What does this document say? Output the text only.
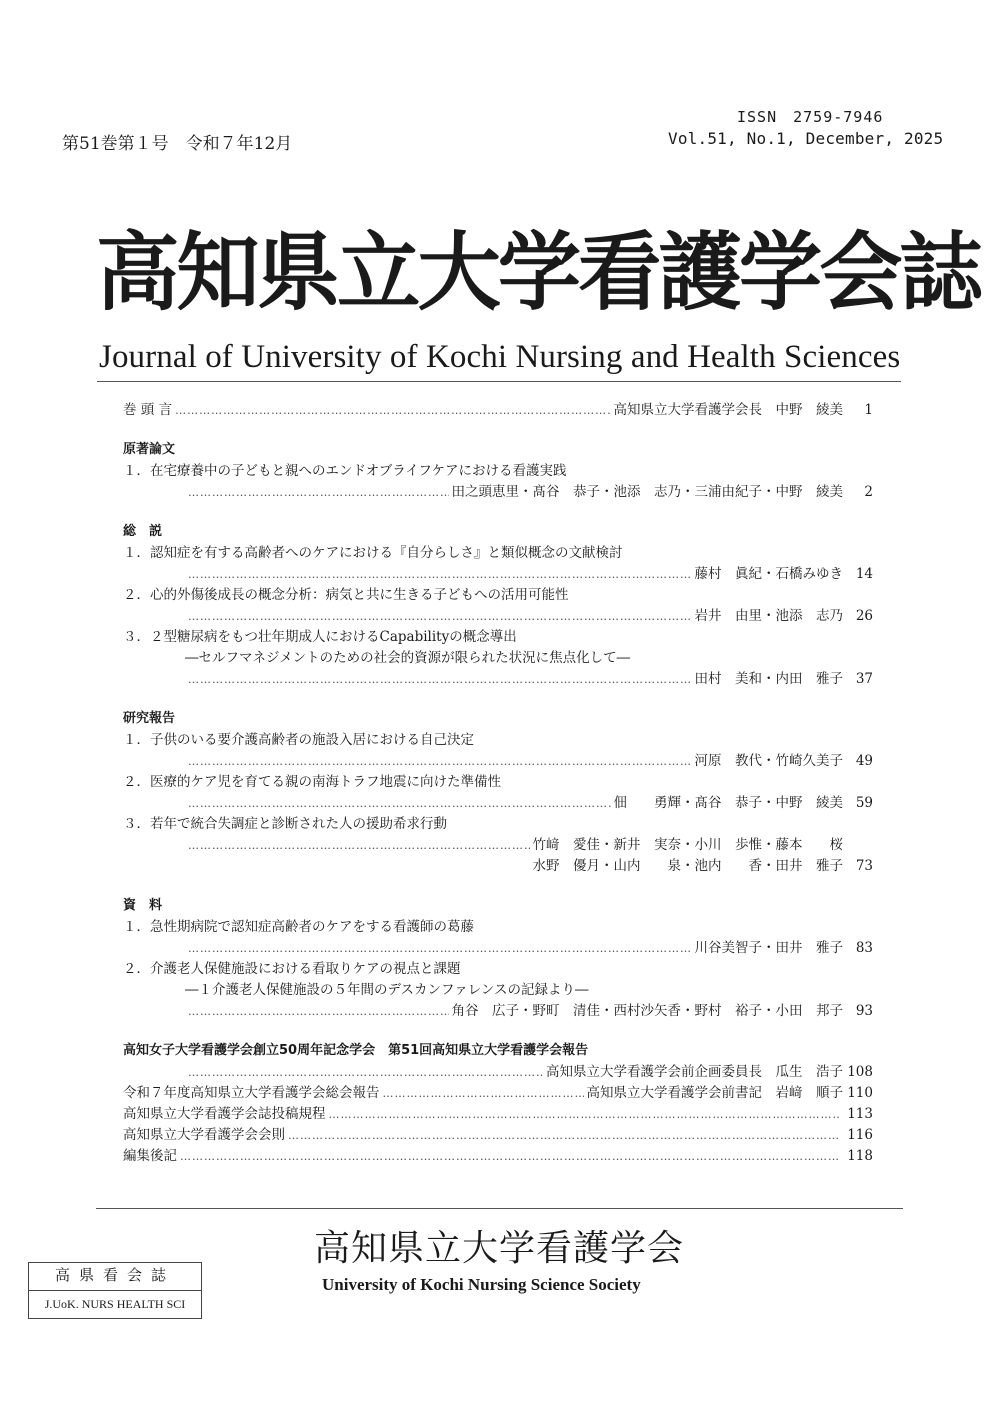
ISSN　2759-7946
第51巻第１号　令和７年12月	Vol.51, No.1, December, 2025
高知県立大学看護学会誌
Journal of University of Kochi Nursing and Health Sciences
巻 頭 言 …………………………………………………………………………………………………………………………………………………………………………………………	高知県立大学看護学会長　中野　綾美	1
原著論文
１．在宅療養中の子どもと親へのエンドオブライフケアにおける看護実践
…………………………………………………………………………………………………………………………………………………………………………………………
田之頭恵里・髙谷　恭子・池添　志乃・三浦由紀子・中野　綾美	2
総　説
１．認知症を有する高齢者へのケアにおける『自分らしさ』と類似概念の文献検討
…………………………………………………………………………………………………………………………………………………………………………………………
藤村　眞紀・石橋みゆき 14
２．心的外傷後成長の概念分析：病気と共に生きる子どもへの活用可能性
…………………………………………………………………………………………………………………………………………………………………………………………
岩井　由里・池添　志乃 26
３．２型糖尿病をもつ壮年期成人におけるCapabilityの概念導出
―セルフマネジメントのための社会的資源が限られた状況に焦点化して―
…………………………………………………………………………………………………………………………………………………………………………………………
田村　美和・内田　雅子 37
研究報告
１．子供のいる要介護高齢者の施設入居における自己決定
…………………………………………………………………………………………………………………………………………………………………………………………
河原　教代・竹崎久美子 49
２．医療的ケア児を育てる親の南海トラフ地震に向けた準備性
…………………………………………………………………………………………………………………………………………………………………………………………
佃　　勇輝・髙谷　恭子・中野　綾美 59
３．若年で統合失調症と診断された人の援助希求行動
…………………………………………………………………………………………………………………………………………………………………………………………
竹﨑　愛佳・新井　実奈・小川　歩惟・藤本　　桜
水野　優月・山内　　泉・池内　　香・田井　雅子 73
資　料
１．急性期病院で認知症高齢者のケアをする看護師の葛藤
…………………………………………………………………………………………………………………………………………………………………………………………
川谷美智子・田井　雅子 83
２．介護老人保健施設における看取りケアの視点と課題
―１介護老人保健施設の５年間のデスカンファレンスの記録より―
…………………………………………………………………………………………………………………………………………………………………………………………
角谷　広子・野町　清佳・西村沙矢香・野村　裕子・小田　邦子 93
高知女子大学看護学会創立50周年記念学会　第51回高知県立大学看護学会報告
…………………………………………………………………………………………………………………………………………………………………………………………
高知県立大学看護学会前企画委員長　瓜生　浩子 108
令和７年度高知県立大学看護学会総会報告 …………………………………………………………………………………………………………………………………………………………………………………………	高知県立大学看護学会前書記　岩﨑　順子 110
高知県立大学看護学会誌投稿規程 …………………………………………………………………………………………………………………………………………………………………………………………	113
高知県立大学看護学会会則 …………………………………………………………………………………………………………………………………………………………………………………………	116
編集後記 …………………………………………………………………………………………………………………………………………………………………………………………	118
高知県立大学看護学会
University of Kochi Nursing Science Society
高県看会誌
J.UoK. NURS HEALTH SCI
